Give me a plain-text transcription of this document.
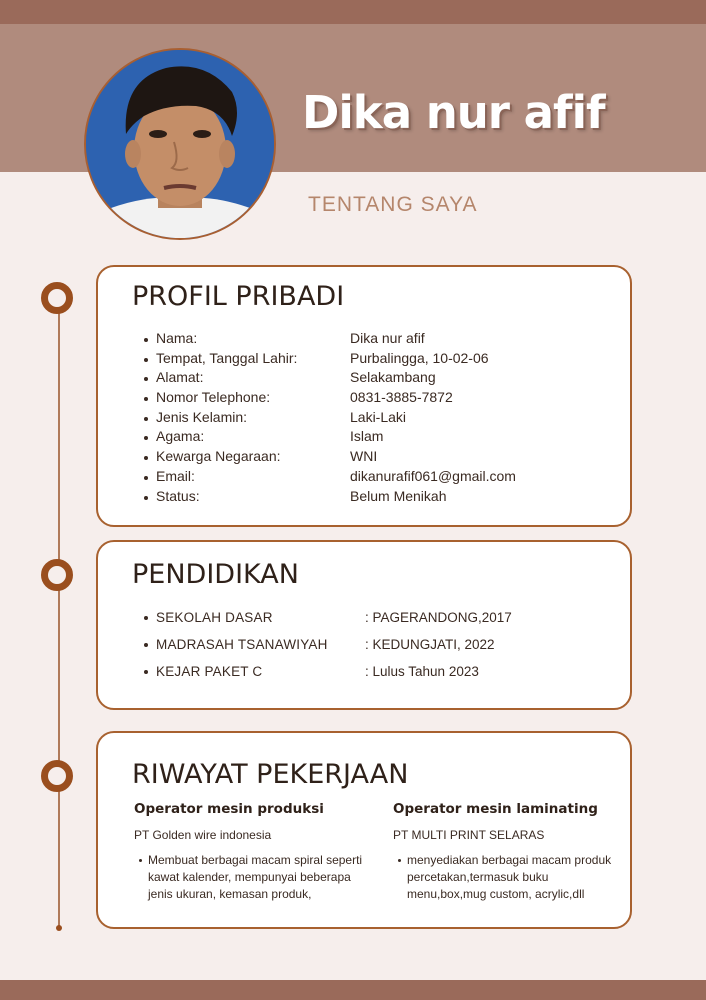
Dika nur afif
TENTANG SAYA
PROFIL PRIBADI
Nama:	Dika nur afif
Tempat, Tanggal Lahir:	Purbalingga, 10-02-06
Alamat:	Selakambang
Nomor Telephone:	0831-3885-7872
Jenis Kelamin:	Laki-Laki
Agama:	Islam
Kewarga Negaraan:	WNI
Email:	dikanurafif061@gmail.com
Status:	Belum Menikah
PENDIDIKAN
SEKOLAH DASAR	: PAGERANDONG,2017
MADRASAH TSANAWIYAH	: KEDUNGJATI, 2022
KEJAR PAKET C	: Lulus Tahun 2023
RIWAYAT PEKERJAAN
Operator mesin produksi
PT Golden wire indonesia
Membuat berbagai macam spiral seperti kawat kalender, mempunyai beberapa jenis ukuran, kemasan produk,
Operator mesin laminating
PT MULTI PRINT SELARAS
menyediakan berbagai macam produk percetakan,termasuk buku menu,box,mug custom, acrylic,dll
